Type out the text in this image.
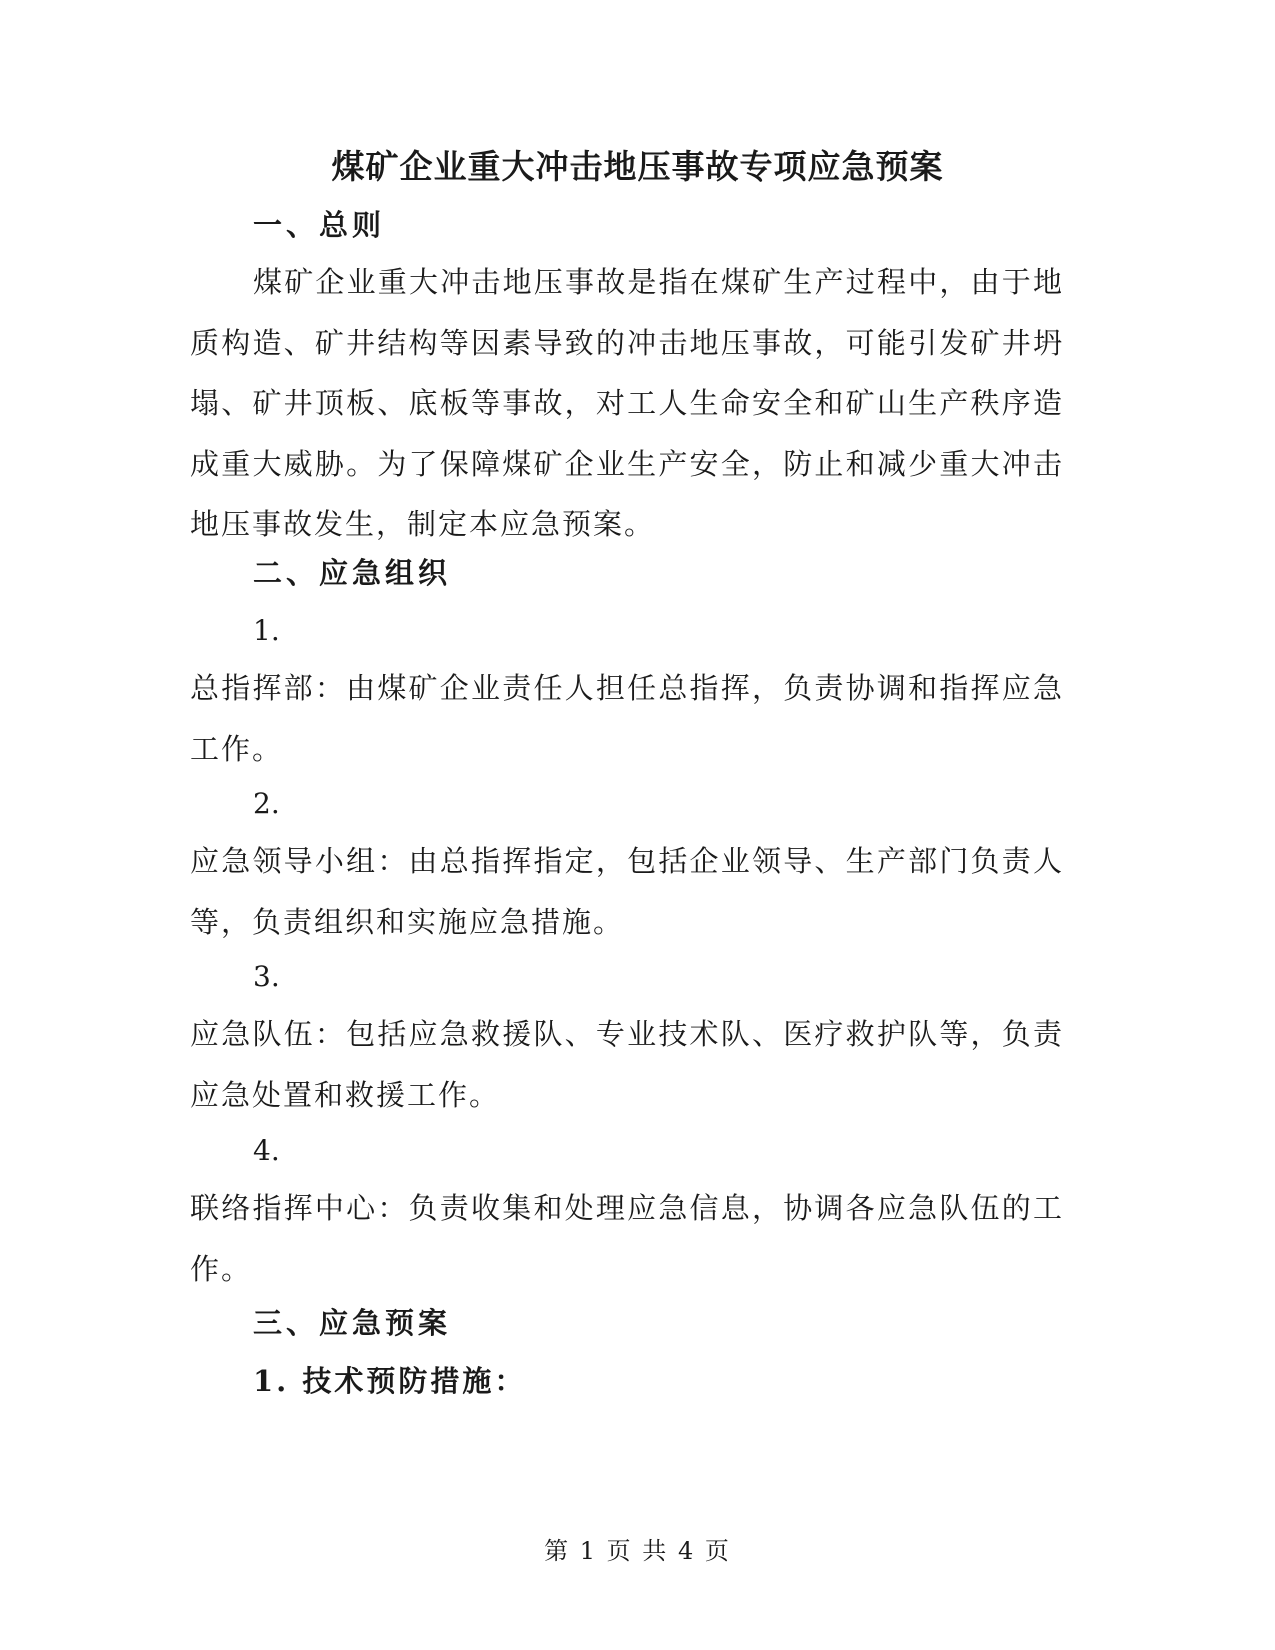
煤矿企业重大冲击地压事故专项应急预案
一、总则

煤矿企业重大冲击地压事故是指在煤矿生产过程中，由于地质构造、矿井结构等因素导致的冲击地压事故，可能引发矿井坍塌、矿井顶板、底板等事故，对工人生命安全和矿山生产秩序造成重大威胁。为了保障煤矿企业生产安全，防止和减少重大冲击地压事故发生，制定本应急预案。

二、应急组织
1.

总指挥部：由煤矿企业责任人担任总指挥，负责协调和指挥应急工作。

2.

应急领导小组：由总指挥指定，包括企业领导、生产部门负责人等，负责组织和实施应急措施。

3.

应急队伍：包括应急救援队、专业技术队、医疗救护队等，负责应急处置和救援工作。

4.

联络指挥中心：负责收集和处理应急信息，协调各应急队伍的工作。

三、应急预案
1. 技术预防措施：
第 1 页 共 4 页
